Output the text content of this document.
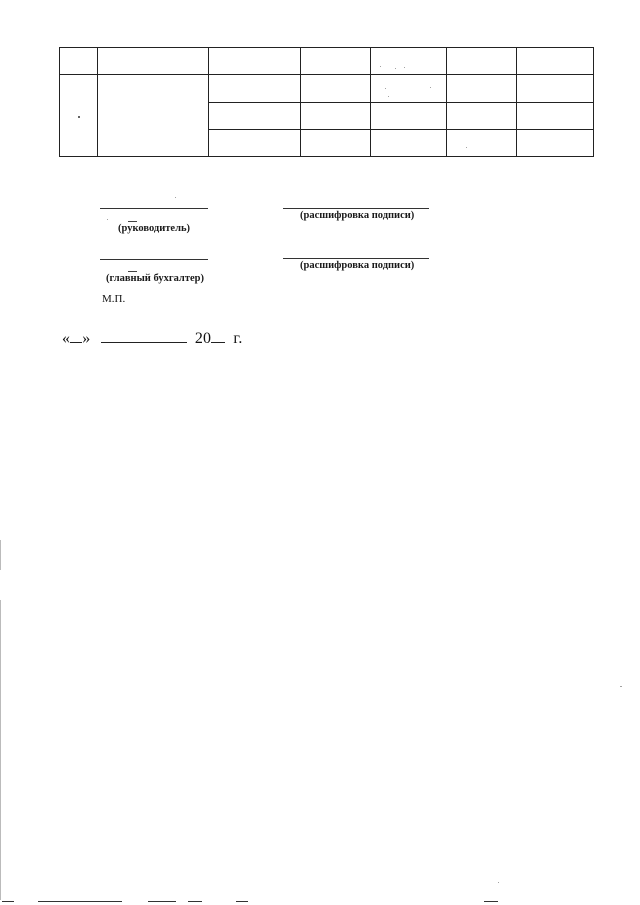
(руководитель)
(расшифровка подписи)
(главный бухгалтер)
(расшифровка подписи)
М.П.
« »	20 г.
